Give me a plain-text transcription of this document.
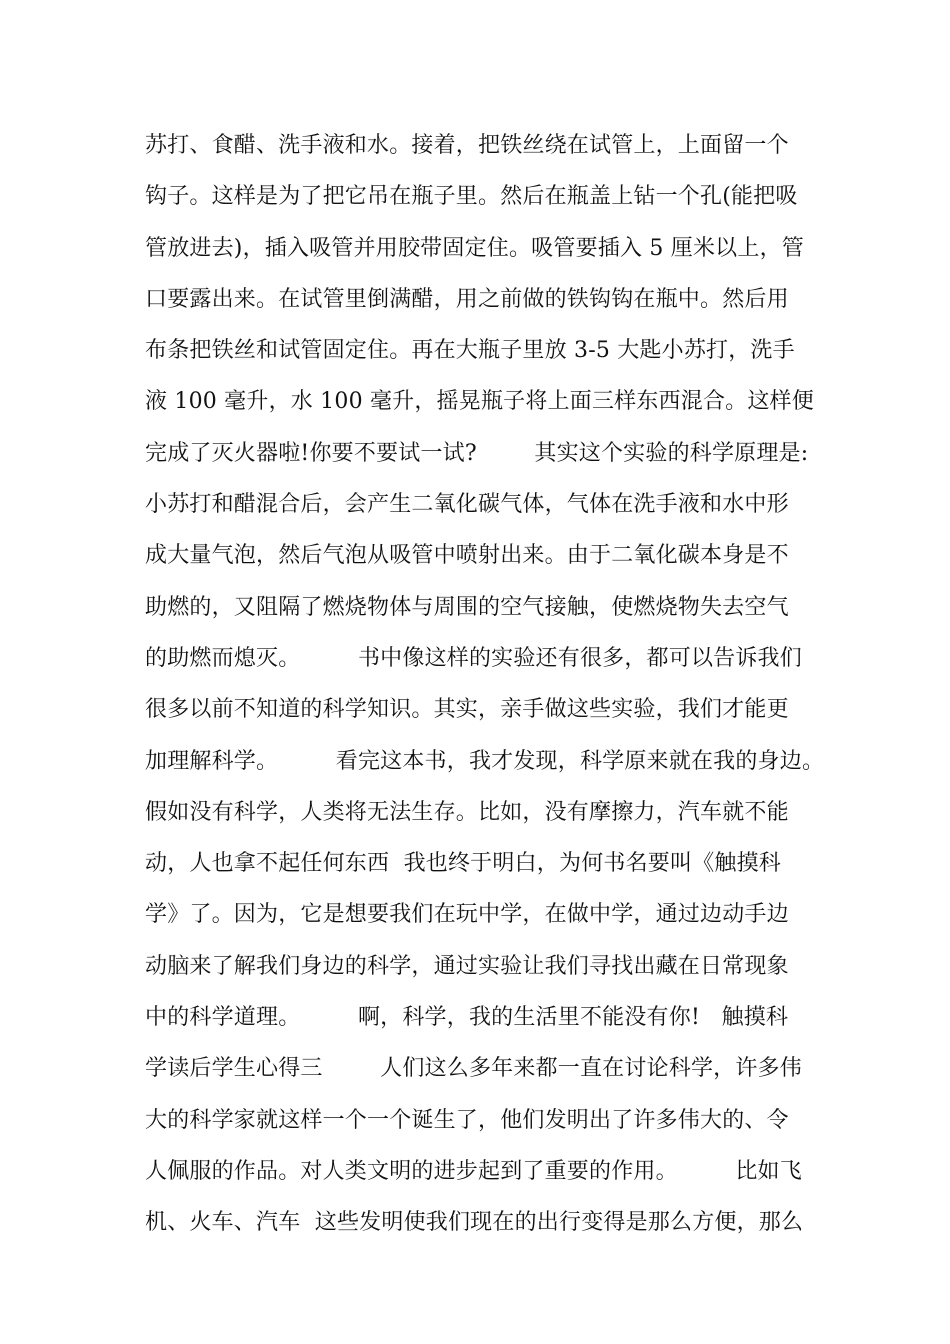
苏打、食醋、洗手液和水。接着，把铁丝绕在试管上，上面留一个
钩子。这样是为了把它吊在瓶子里。然后在瓶盖上钻一个孔(能把吸
管放进去)，插入吸管并用胶带固定住。吸管要插入 5 厘米以上，管
口要露出来。在试管里倒满醋，用之前做的铁钩钩在瓶中。然后用
布条把铁丝和试管固定住。再在大瓶子里放 3-5 大匙小苏打，洗手
液 100 毫升，水 100 毫升，摇晃瓶子将上面三样东西混合。这样便
完成了灭火器啦!你要不要试一试?        其实这个实验的科学原理是:
小苏打和醋混合后，会产生二氧化碳气体，气体在洗手液和水中形
成大量气泡，然后气泡从吸管中喷射出来。由于二氧化碳本身是不
助燃的，又阻隔了燃烧物体与周围的空气接触，使燃烧物失去空气
的助燃而熄灭。        书中像这样的实验还有很多，都可以告诉我们
很多以前不知道的科学知识。其实，亲手做这些实验，我们才能更
加理解科学。        看完这本书，我才发现，科学原来就在我的身边。
假如没有科学，人类将无法生存。比如，没有摩擦力，汽车就不能
动，人也拿不起任何东西  我也终于明白，为何书名要叫《触摸科
学》了。因为，它是想要我们在玩中学，在做中学，通过边动手边
动脑来了解我们身边的科学，通过实验让我们寻找出藏在日常现象
中的科学道理。        啊，科学，我的生活里不能没有你!   触摸科
学读后学生心得三        人们这么多年来都一直在讨论科学，许多伟
大的科学家就这样一个一个诞生了，他们发明出了许多伟大的、令
人佩服的作品。对人类文明的进步起到了重要的作用。        比如飞
机、火车、汽车  这些发明使我们现在的出行变得是那么方便，那么
